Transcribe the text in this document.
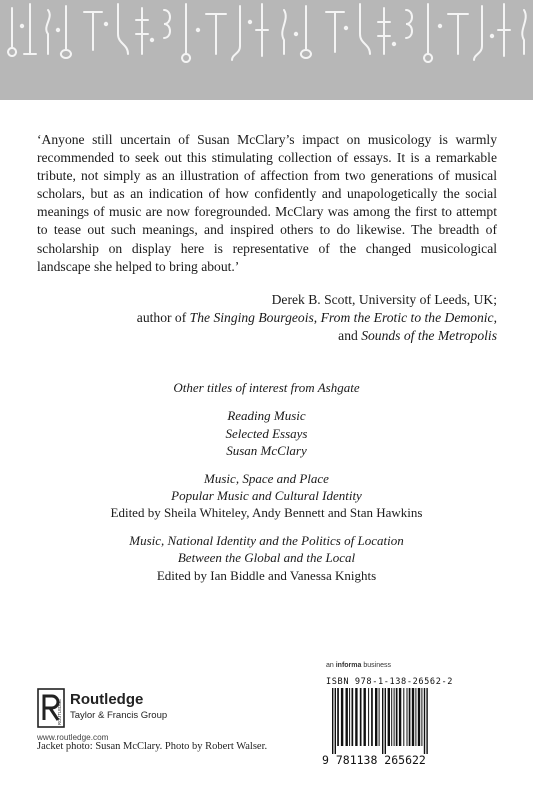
‘Anyone still uncertain of Susan McClary’s impact on musicology is warmly recommended to seek out this stimulating collection of essays. It is a remarkable tribute, not simply as an illustration of affection from two generations of musical scholars, but as an indication of how confidently and unapologetically the social meanings of music are now foregrounded. McClary was among the first to attempt to tease out such meanings, and inspired others to do likewise. The breadth of scholarship on display here is representative of the changed musicological landscape she helped to bring about.’

Derek B. Scott, University of Leeds, UK;
author of The Singing Bourgeois, From the Erotic to the Demonic,
and Sounds of the Metropolis
Other titles of interest from Ashgate
Reading Music
Selected Essays
Susan McClary
Music, Space and Place
Popular Music and Cultural Identity
Edited by Sheila Whiteley, Andy Bennett and Stan Hawkins
Music, National Identity and the Politics of Location
Between the Global and the Local
Edited by Ian Biddle and Vanessa Knights
ROUTLEDGE Routledge
Taylor & Francis Group
www.routledge.com
Jacket photo: Susan McClary. Photo by Robert Walser.
an informa business
ISBN 978-1-138-26562-2
9 781138 265622
